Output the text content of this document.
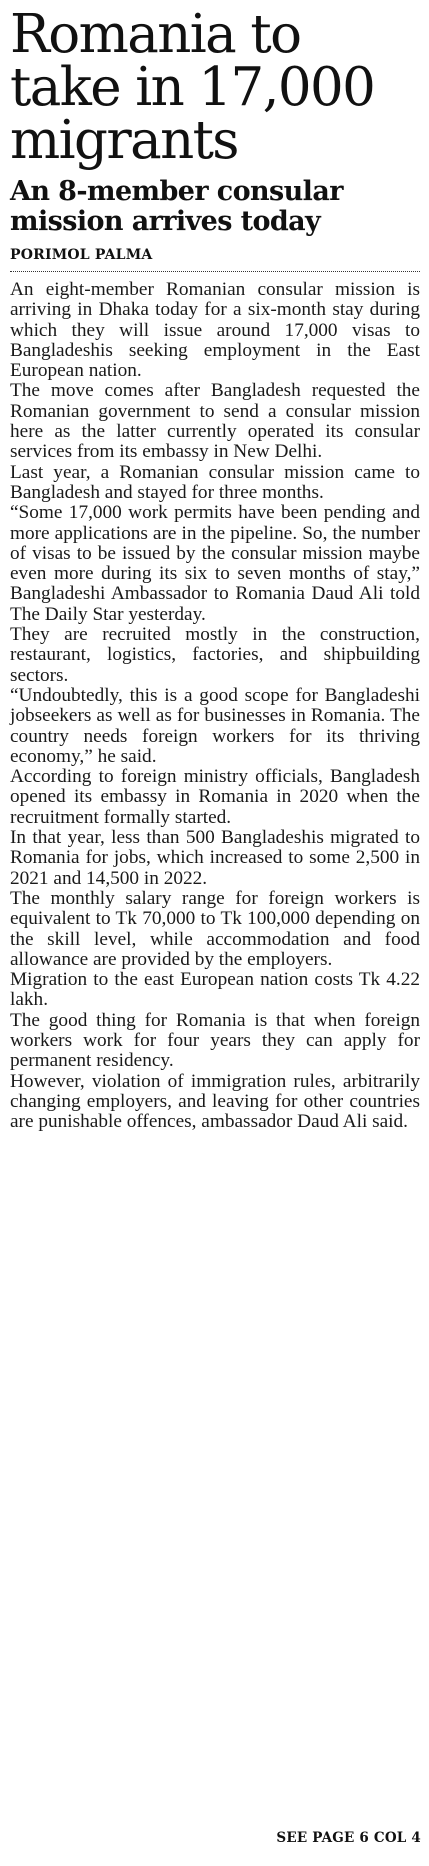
Romania to take in 17,000 migrants
An 8-member consular mission arrives today
PORIMOL PALMA

An eight-member Romanian consular mission is arriving in Dhaka today for a six-month stay during which they will issue around 17,000 visas to Bangladeshis seeking employment in the East European nation.

The move comes after Bangladesh requested the Romanian government to send a consular mission here as the latter currently operated its consular services from its embassy in New Delhi.

Last year, a Romanian consular mission came to Bangladesh and stayed for three months.

“Some 17,000 work permits have been pending and more applications are in the pipeline. So, the number of visas to be issued by the consular mission maybe even more during its six to seven months of stay,” Bangladeshi Ambassador to Romania Daud Ali told The Daily Star yesterday.

They are recruited mostly in the construction, restaurant, logistics, factories, and shipbuilding sectors.

“Undoubtedly, this is a good scope for Bangladeshi jobseekers as well as for businesses in Romania. The country needs foreign workers for its thriving economy,” he said.

According to foreign ministry officials, Bangladesh opened its embassy in Romania in 2020 when the recruitment formally started.

In that year, less than 500 Bangladeshis migrated to Romania for jobs, which increased to some 2,500 in 2021 and 14,500 in 2022.

The monthly salary range for foreign workers is equivalent to Tk 70,000 to Tk 100,000 depending on the skill level, while accommodation and food allowance are provided by the employers.

Migration to the east European nation costs Tk 4.22 lakh.

The good thing for Romania is that when foreign workers work for four years they can apply for permanent residency.

However, violation of immigration rules, arbitrarily changing employers, and leaving for other countries are punishable offences, ambassador Daud Ali said.

SEE PAGE 6 COL 4
